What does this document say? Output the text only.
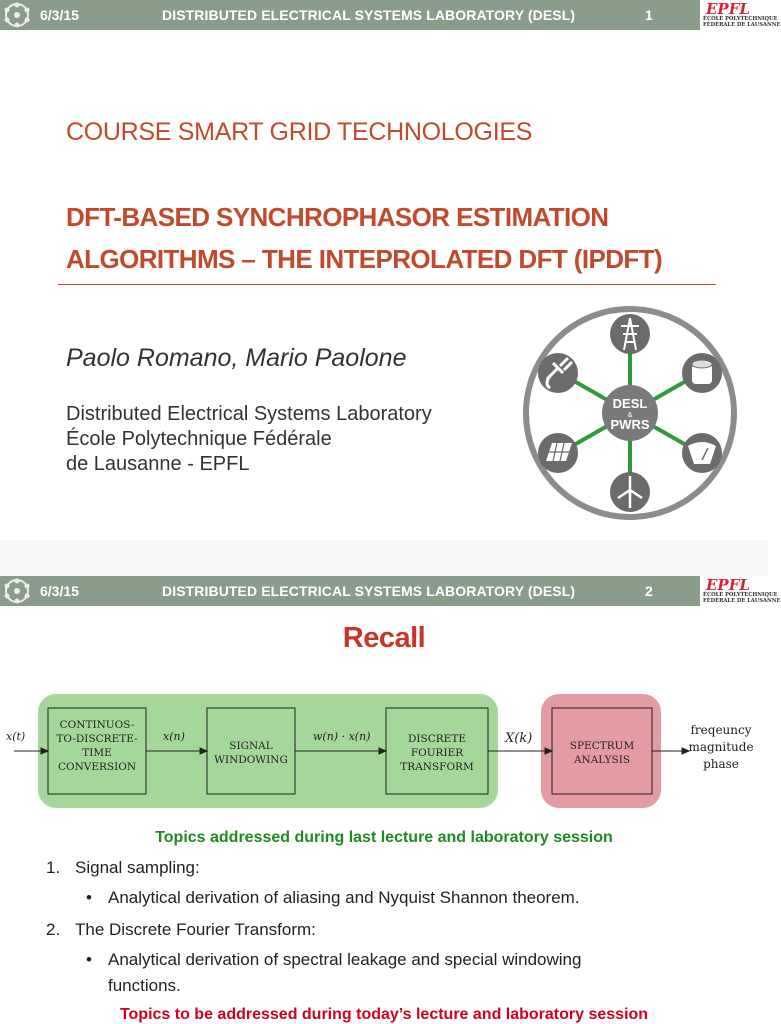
6/3/15	DISTRIBUTED ELECTRICAL SYSTEMS LABORATORY (DESL)	1	EPFL
ÉCOLE POLYTECHNIQUE
FÉDÉRALE DE LAUSANNE
COURSE SMART GRID TECHNOLOGIES
DFT-BASED SYNCHROPHASOR ESTIMATION
ALGORITHMS – THE INTEPROLATED DFT (IPDFT)
Paolo Romano, Mario Paolone
Distributed Electrical Systems Laboratory
École Polytechnique Fédérale
de Lausanne - EPFL
DESL
&
PWRS
6/3/15	DISTRIBUTED ELECTRICAL SYSTEMS LABORATORY (DESL)	2	EPFL
ÉCOLE POLYTECHNIQUE
FÉDÉRALE DE LAUSANNE
Recall
x(t)	x(n)	w(n) · x(n)	X(k)
CONTINUOS-
TO-DISCRETE-
TIME
CONVERSION
SIGNAL
WINDOWING
DISCRETE
FOURIER
TRANSFORM
SPECTRUM
ANALYSIS
freqeuncy
magnitude
phase
Topics addressed during last lecture and laboratory session
1. Signal sampling:
• Analytical derivation of aliasing and Nyquist Shannon theorem.
2. The Discrete Fourier Transform:
• Analytical derivation of spectral leakage and special windowing
functions.
Topics to be addressed during today’s lecture and laboratory session
